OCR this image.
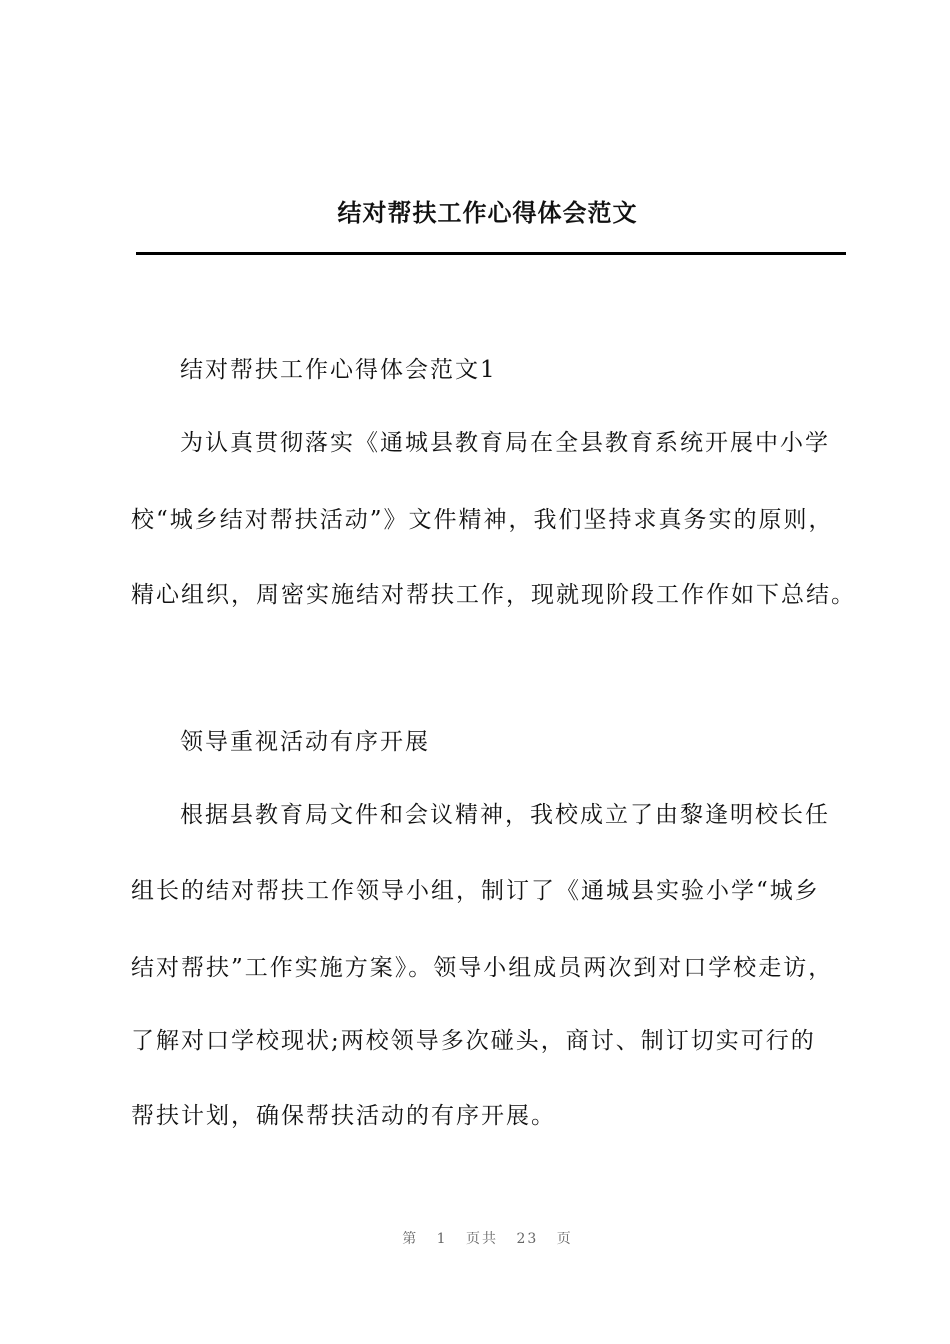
结对帮扶工作心得体会范文
结对帮扶工作心得体会范文1
为认真贯彻落实《通城县教育局在全县教育系统开展中小学
校“城乡结对帮扶活动”》文件精神，我们坚持求真务实的原则，
精心组织，周密实施结对帮扶工作，现就现阶段工作作如下总结。
领导重视活动有序开展
根据县教育局文件和会议精神，我校成立了由黎逢明校长任
组长的结对帮扶工作领导小组，制订了《通城县实验小学“城乡
结对帮扶”工作实施方案》。领导小组成员两次到对口学校走访，
了解对口学校现状;两校领导多次碰头，商讨、制订切实可行的
帮扶计划，确保帮扶活动的有序开展。
第 1 页共 23 页
